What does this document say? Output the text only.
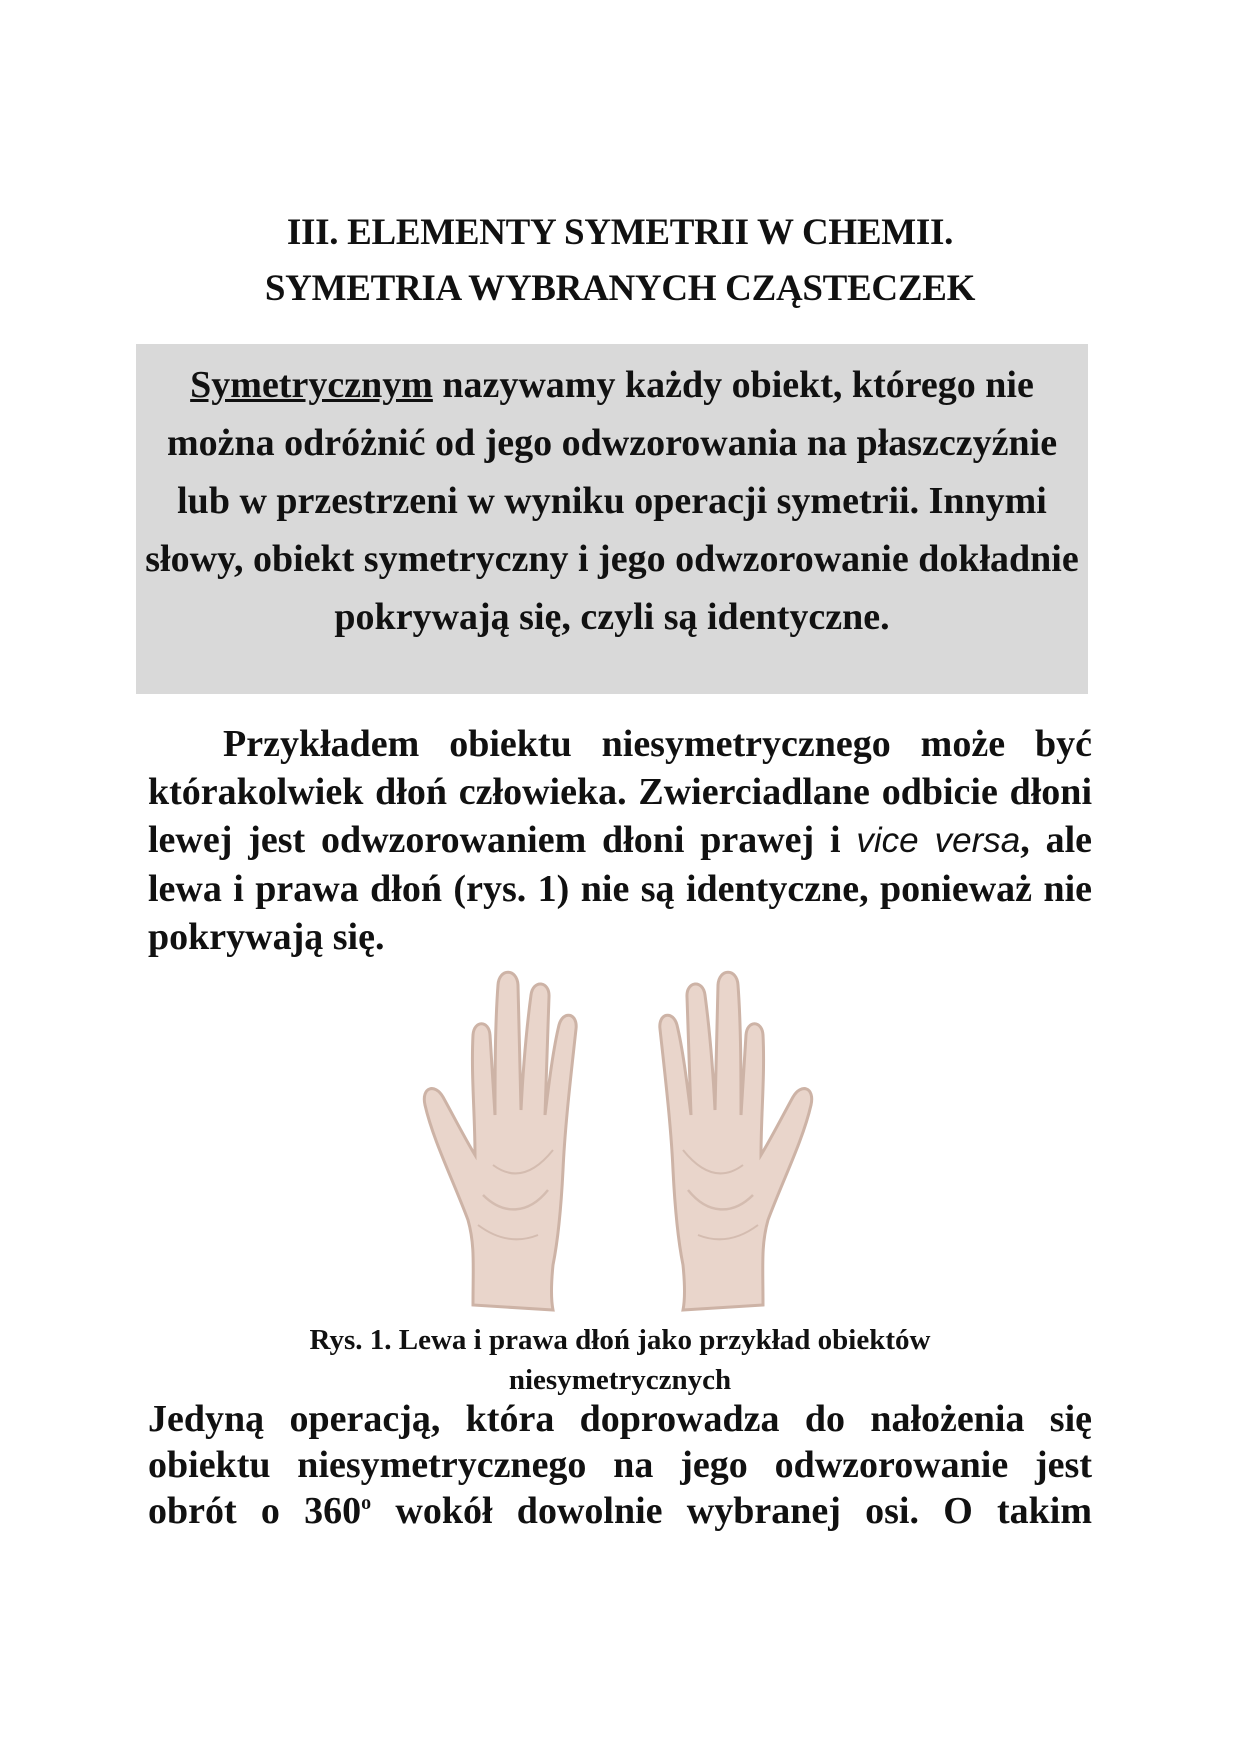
III. ELEMENTY SYMETRII W CHEMII.
SYMETRIA WYBRANYCH CZĄSTECZEK
Symetrycznym nazywamy każdy obiekt, którego nie można odróżnić od jego odwzorowania na płaszczyźnie lub w przestrzeni w wyniku operacji symetrii. Innymi słowy, obiekt symetryczny i jego odwzorowanie dokładnie pokrywają się, czyli są identyczne.
Przykładem obiektu niesymetrycznego może być którakolwiek dłoń człowieka. Zwierciadlane odbicie dłoni lewej jest odwzorowaniem dłoni prawej i vice versa, ale lewa i prawa dłoń (rys. 1) nie są identyczne, ponieważ nie pokrywają się.
Rys. 1. Lewa i prawa dłoń jako przykład obiektów niesymetrycznych
Jedyną operacją, która doprowadza do nałożenia się
obiektu niesymetrycznego na jego odwzorowanie jest
obrót o 360$^o$ wokół dowolnie wybranej osi. O takim
